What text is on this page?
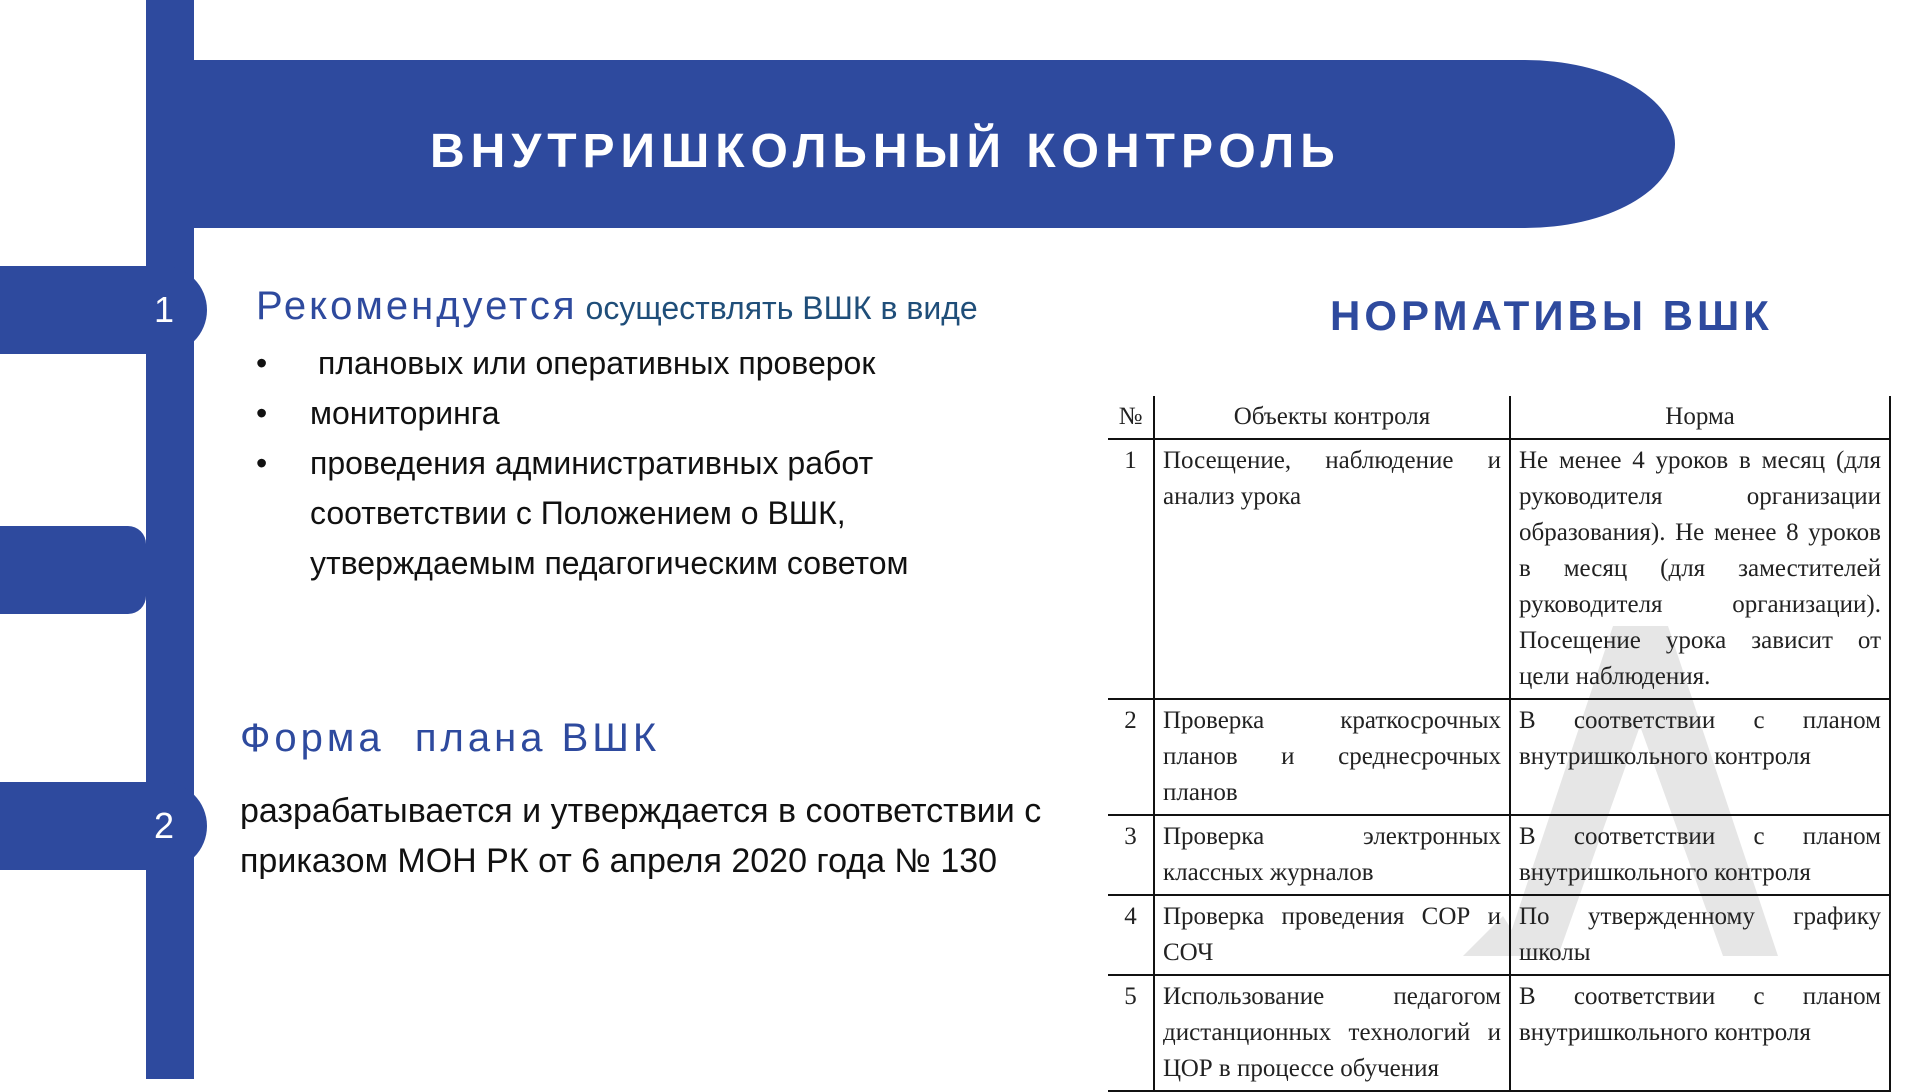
ВНУТРИШКОЛЬНЫЙ КОНТРОЛЬ
1
2
Рекомендуется осуществлять ВШК в виде
• плановых или оперативных проверок
• мониторинга
• проведения административных работ соответствии с Положением о ВШК, утверждаемым педагогическим советом
Форма  плана ВШК
разрабатывается и утверждается в соответствии с приказом МОН РК от 6 апреля 2020 года № 130
НОРМАТИВЫ ВШК
№	Объекты контроля	Норма
1	Посещение, наблюдение и анализ урока	Не менее 4 уроков в месяц (для руководителя организации образования). Не менее 8 уроков в месяц (для заместителей руководителя организации). Посещение урока зависит от цели наблюдения.
2	Проверка краткосрочных планов и среднесрочных планов	В соответствии с планом внутришкольного контроля
3	Проверка электронных классных журналов	В соответствии с планом внутришкольного контроля
4	Проверка проведения СОР и СОЧ	По утвержденному графику школы
5	Использование педагогом дистанционных технологий и ЦОР в процессе обучения	В соответствии с планом внутришкольного контроля
